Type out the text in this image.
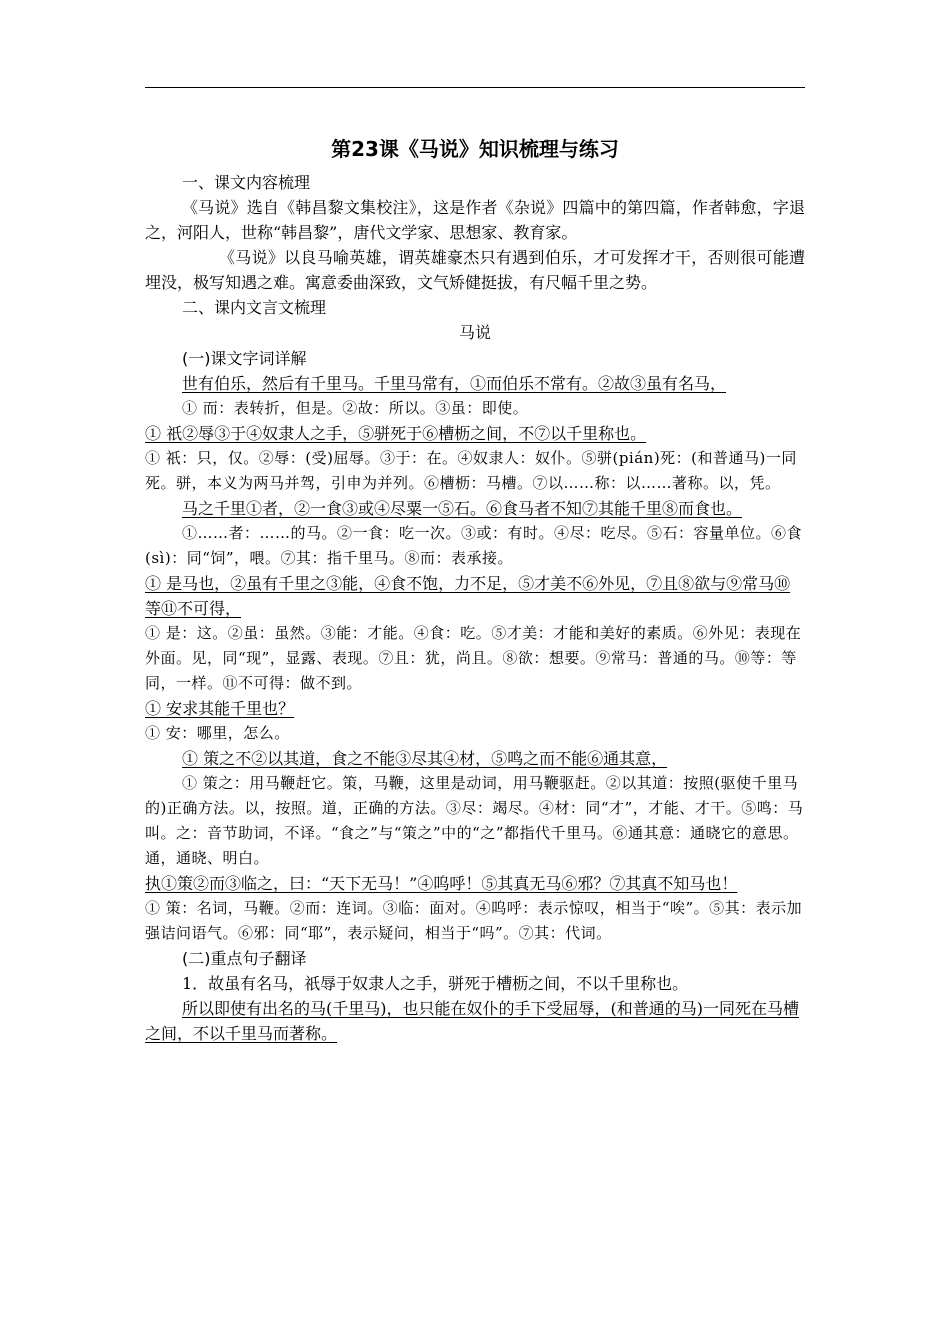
第23课《马说》知识梳理与练习

一、课文内容梳理

《马说》选自《韩昌黎文集校注》，这是作者《杂说》四篇中的第四篇，作者韩愈，字退之，河阳人，世称“韩昌黎”，唐代文学家、思想家、教育家。

《马说》以良马喻英雄，谓英雄豪杰只有遇到伯乐，才可发挥才干，否则很可能遭埋没，极写知遇之难。寓意委曲深致，文气矫健挺拔，有尺幅千里之势。

二、课内文言文梳理

马说

(一)课文字词详解

世有伯乐，然后有千里马。千里马常有，①而伯乐不常有。②故③虽有名马，

① 而：表转折，但是。②故：所以。③虽：即使。

① 祇②辱③于④奴隶人之手，⑤骈死于⑥槽枥之间，不⑦以千里称也。

① 祇：只，仅。②辱：(受)屈辱。③于：在。④奴隶人：奴仆。⑤骈(pián)死：(和普通马)一同死。骈，本义为两马并驾，引申为并列。⑥槽枥：马槽。⑦以……称：以……著称。以，凭。

马之千里①者，②一食③或④尽粟一⑤石。⑥食马者不知⑦其能千里⑧而食也。

①……者：……的马。②一食：吃一次。③或：有时。④尽：吃尽。⑤石：容量单位。⑥食(sì)：同“饲”，喂。⑦其：指千里马。⑧而：表承接。

① 是马也，②虽有千里之③能，④食不饱，力不足，⑤才美不⑥外见，⑦且⑧欲与⑨常马⑩等⑪不可得，

① 是：这。②虽：虽然。③能：才能。④食：吃。⑤才美：才能和美好的素质。⑥外见：表现在外面。见，同“现”，显露、表现。⑦且：犹，尚且。⑧欲：想要。⑨常马：普通的马。⑩等：等同，一样。⑪不可得：做不到。

① 安求其能千里也？

① 安：哪里，怎么。

① 策之不②以其道，食之不能③尽其④材，⑤鸣之而不能⑥通其意，

① 策之：用马鞭赶它。策，马鞭，这里是动词，用马鞭驱赶。②以其道：按照(驱使千里马的)正确方法。以，按照。道，正确的方法。③尽：竭尽。④材：同“才”，才能、才干。⑤鸣：马叫。之：音节助词，不译。“食之”与“策之”中的“之”都指代千里马。⑥通其意：通晓它的意思。通，通晓、明白。

执①策②而③临之，曰：“天下无马！”④呜呼！⑤其真无马⑥邪？⑦其真不知马也！

① 策：名词，马鞭。②而：连词。③临：面对。④呜呼：表示惊叹，相当于“唉”。⑤其：表示加强诘问语气。⑥邪：同“耶”，表示疑问，相当于“吗”。⑦其：代词。

(二)重点句子翻译

1．故虽有名马，祇辱于奴隶人之手，骈死于槽枥之间，不以千里称也。

所以即使有出名的马(千里马)，也只能在奴仆的手下受屈辱，(和普通的马)一同死在马槽之间，不以千里马而著称。
